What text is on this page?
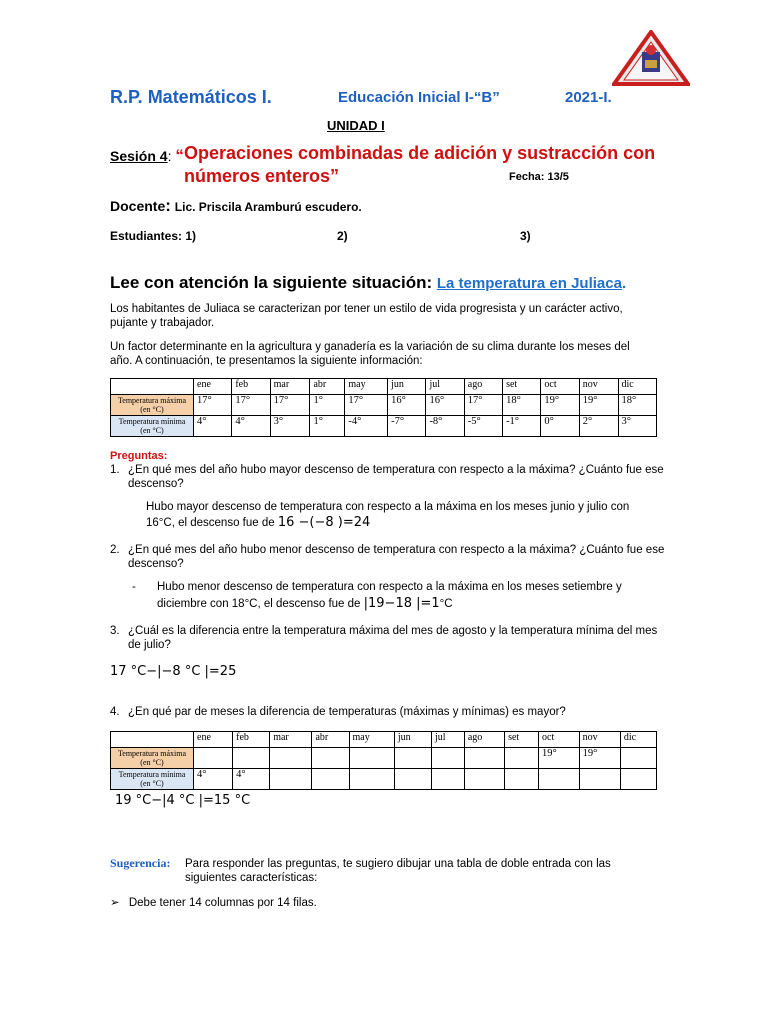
R.P. Matemáticos I.	Educación Inicial I-“B”	2021-I.
UNIDAD I
Sesión 4: “ Operaciones combinadas de adición y sustracción con
números enteros”	Fecha: 13/5
Docente: Lic. Priscila Aramburú escudero.
Estudiantes: 1)	2)	3)
Lee con atención la siguiente situación: La temperatura en Juliaca.
Los habitantes de Juliaca se caracterizan por tener un estilo de vida progresista y un carácter activo, pujante y trabajador.
Un factor determinante en la agricultura y ganadería es la variación de su clima durante los meses del año. A continuación, te presentamos la siguiente información:
	ene	feb	mar	abr	may	jun	jul	ago	set	oct	nov	dic
Temperatura máxima (en °C)	17°	17°	17°	1°	17°	16°	16°	17°	18°	19°	19°	18°
Temperatura mínima (en °C)	4°	4°	3°	1°	-4°	-7°	-8°	-5°	-1°	0°	2°	3°
Preguntas:
1. ¿En qué mes del año hubo mayor descenso de temperatura con respecto a la máxima? ¿Cuánto fue ese descenso?
Hubo mayor descenso de temperatura con respecto a la máxima en los meses junio y julio con
16°C, el descenso fue de 16 −(−8 )=24
2. ¿En qué mes del año hubo menor descenso de temperatura con respecto a la máxima? ¿Cuánto fue ese descenso?
- Hubo menor descenso de temperatura con respecto a la máxima en los meses setiembre y
diciembre con 18°C, el descenso fue de |19−18 |=1°C
3. ¿Cuál es la diferencia entre la temperatura máxima del mes de agosto y la temperatura mínima del mes de julio?
17 °C−|−8 °C |=25
4. ¿En qué par de meses la diferencia de temperaturas (máximas y mínimas) es mayor?
	ene	feb	mar	abr	may	jun	jul	ago	set	oct	nov	dic
Temperatura máxima (en °C)										19°	19°	
Temperatura mínima (en °C)	4°	4°										
19 °C−|4 °C |=15 °C
Sugerencia: Para responder las preguntas, te sugiero dibujar una tabla de doble entrada con las siguientes características:
➢ Debe tener 14 columnas por 14 filas.
